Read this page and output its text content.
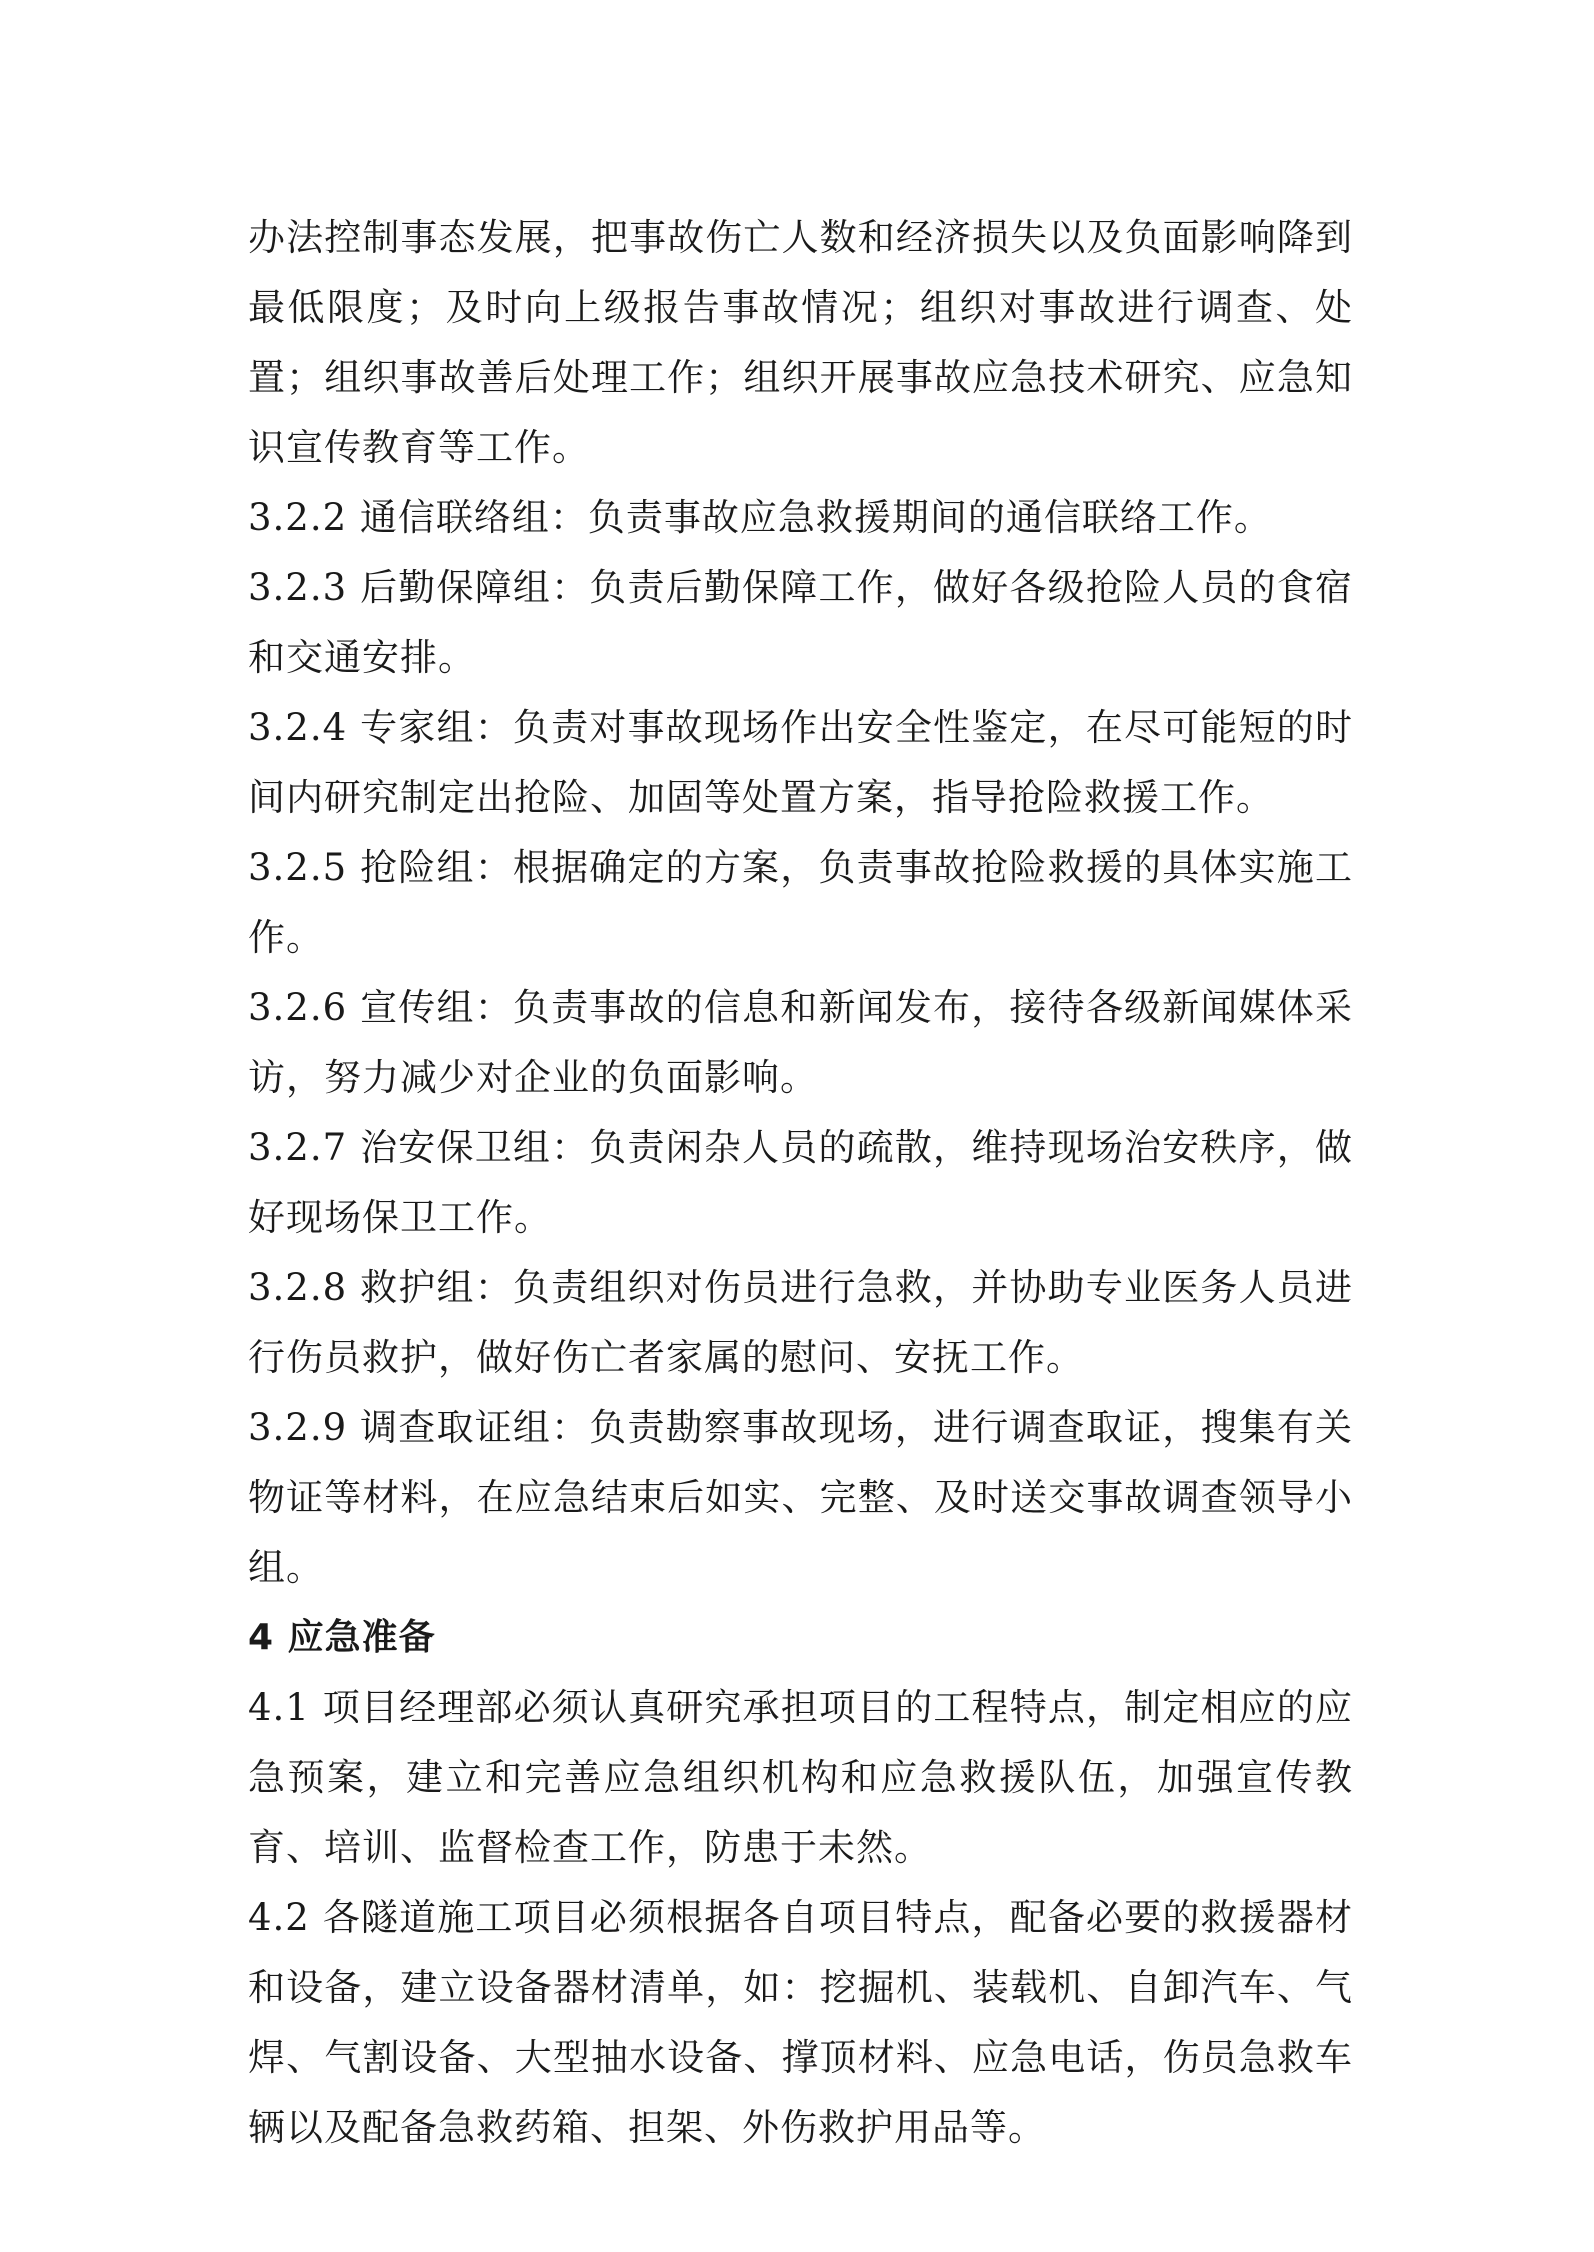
办法控制事态发展，把事故伤亡人数和经济损失以及负面影响降到最低限度；及时向上级报告事故情况；组织对事故进行调查、处置；组织事故善后处理工作；组织开展事故应急技术研究、应急知识宣传教育等工作。

3.2.2 通信联络组：负责事故应急救援期间的通信联络工作。

3.2.3 后勤保障组：负责后勤保障工作，做好各级抢险人员的食宿和交通安排。

3.2.4 专家组：负责对事故现场作出安全性鉴定，在尽可能短的时间内研究制定出抢险、加固等处置方案，指导抢险救援工作。

3.2.5 抢险组：根据确定的方案，负责事故抢险救援的具体实施工作。

3.2.6 宣传组：负责事故的信息和新闻发布，接待各级新闻媒体采访，努力减少对企业的负面影响。

3.2.7 治安保卫组：负责闲杂人员的疏散，维持现场治安秩序，做好现场保卫工作。

3.2.8 救护组：负责组织对伤员进行急救，并协助专业医务人员进行伤员救护，做好伤亡者家属的慰问、安抚工作。

3.2.9 调查取证组：负责勘察事故现场，进行调查取证，搜集有关物证等材料，在应急结束后如实、完整、及时送交事故调查领导小组。

4 应急准备

4.1 项目经理部必须认真研究承担项目的工程特点，制定相应的应急预案，建立和完善应急组织机构和应急救援队伍，加强宣传教育、培训、监督检查工作，防患于未然。

4.2 各隧道施工项目必须根据各自项目特点，配备必要的救援器材和设备，建立设备器材清单，如：挖掘机、装载机、自卸汽车、气焊、气割设备、大型抽水设备、撑顶材料、应急电话，伤员急救车辆以及配备急救药箱、担架、外伤救护用品等。
